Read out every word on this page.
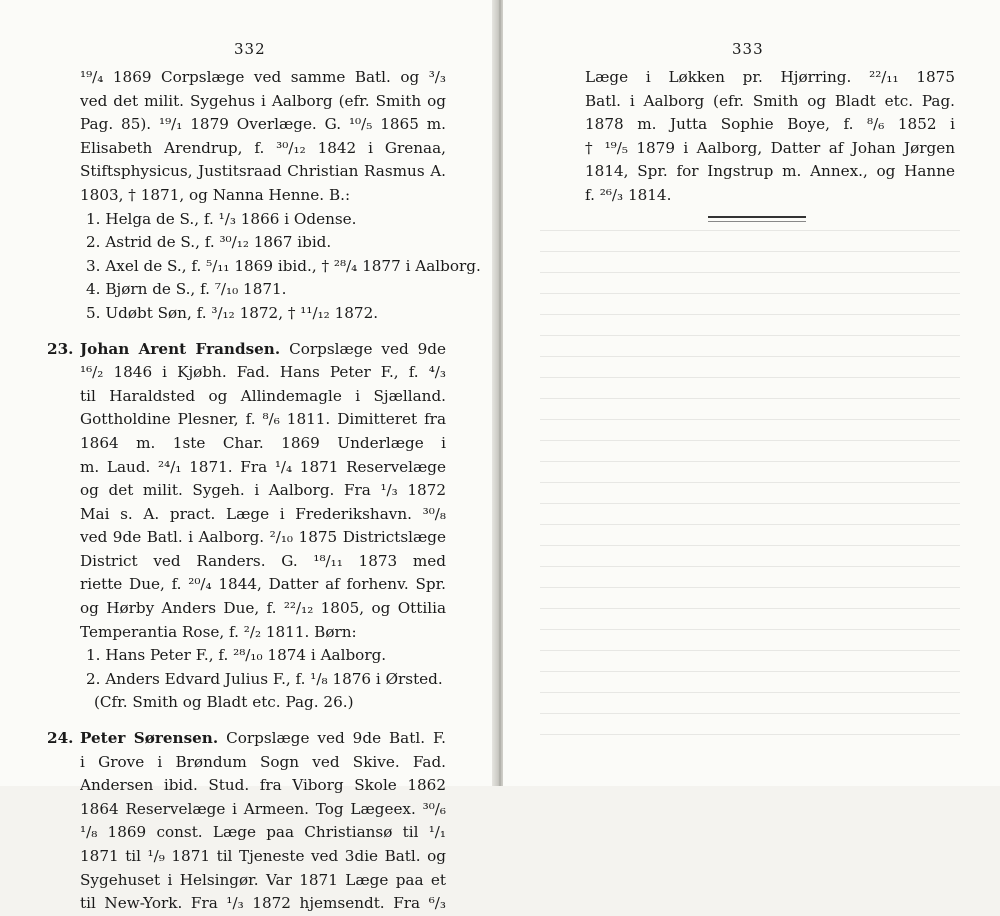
332
¹⁹/₄ 1869 Corpslæge ved samme Batl. og ³/₃
ved det milit. Sygehus i Aalborg (efr. Smith og
Pag. 85). ¹⁹/₁ 1879 Overlæge. G. ¹⁰/₅ 1865 m.
Elisabeth Arendrup, f. ³⁰/₁₂ 1842 i Grenaa,
Stiftsphysicus, Justitsraad Christian Rasmus A.
1803, † 1871, og Nanna Henne. B.:
1. Helga de S., f. ¹/₃ 1866 i Odense.
2. Astrid de S., f. ³⁰/₁₂ 1867 ibid.
3. Axel de S., f. ⁵/₁₁ 1869 ibid., † ²⁸/₄ 1877 i Aalborg.
4. Bjørn de S., f. ⁷/₁₀ 1871.
5. Udøbt Søn, f. ³/₁₂ 1872, † ¹¹/₁₂ 1872.
23. Johan Arent Frandsen. Corpslæge ved 9de
¹⁶/₂ 1846 i Kjøbh. Fad. Hans Peter F., f. ⁴/₃
til Haraldsted og Allindemagle i Sjælland.
Gottholdine Plesner, f. ⁸/₆ 1811. Dimitteret fra
1864 m. 1ste Char. 1869 Underlæge i
m. Laud. ²⁴/₁ 1871. Fra ¹/₄ 1871 Reservelæge
og det milit. Sygeh. i Aalborg. Fra ¹/₃ 1872
Mai s. A. pract. Læge i Frederikshavn. ³⁰/₈
ved 9de Batl. i Aalborg. ²/₁₀ 1875 Districtslæge
District ved Randers. G. ¹⁸/₁₁ 1873 med
riette Due, f. ²⁰/₄ 1844, Datter af forhenv. Spr.
og Hørby Anders Due, f. ²²/₁₂ 1805, og Ottilia
Temperantia Rose, f. ²/₂ 1811. Børn:
1. Hans Peter F., f. ²⁸/₁₀ 1874 i Aalborg.
2. Anders Edvard Julius F., f. ¹/₈ 1876 i Ørsted.
(Cfr. Smith og Bladt etc. Pag. 26.)
24. Peter Sørensen. Corpslæge ved 9de Batl. F.
i Grove i Brøndum Sogn ved Skive. Fad.
Andersen ibid. Stud. fra Viborg Skole 1862
1864 Reservelæge i Armeen. Tog Lægeex. ³⁰/₆
¹/₈ 1869 const. Læge paa Christiansø til ¹/₁
1871 til ¹/₉ 1871 til Tjeneste ved 3die Batl. og
Sygehuset i Helsingør. Var 1871 Læge paa et
til New-York. Fra ¹/₃ 1872 hjemsendt. Fra ⁶/₃
333
Læge i Løkken pr. Hjørring. ²²/₁₁ 1875
Batl. i Aalborg (efr. Smith og Bladt etc. Pag.
1878 m. Jutta Sophie Boye, f. ⁸/₆ 1852 i
† ¹⁹/₅ 1879 i Aalborg, Datter af Johan Jørgen
1814, Spr. for Ingstrup m. Annex., og Hanne
f. ²⁶/₃ 1814.
